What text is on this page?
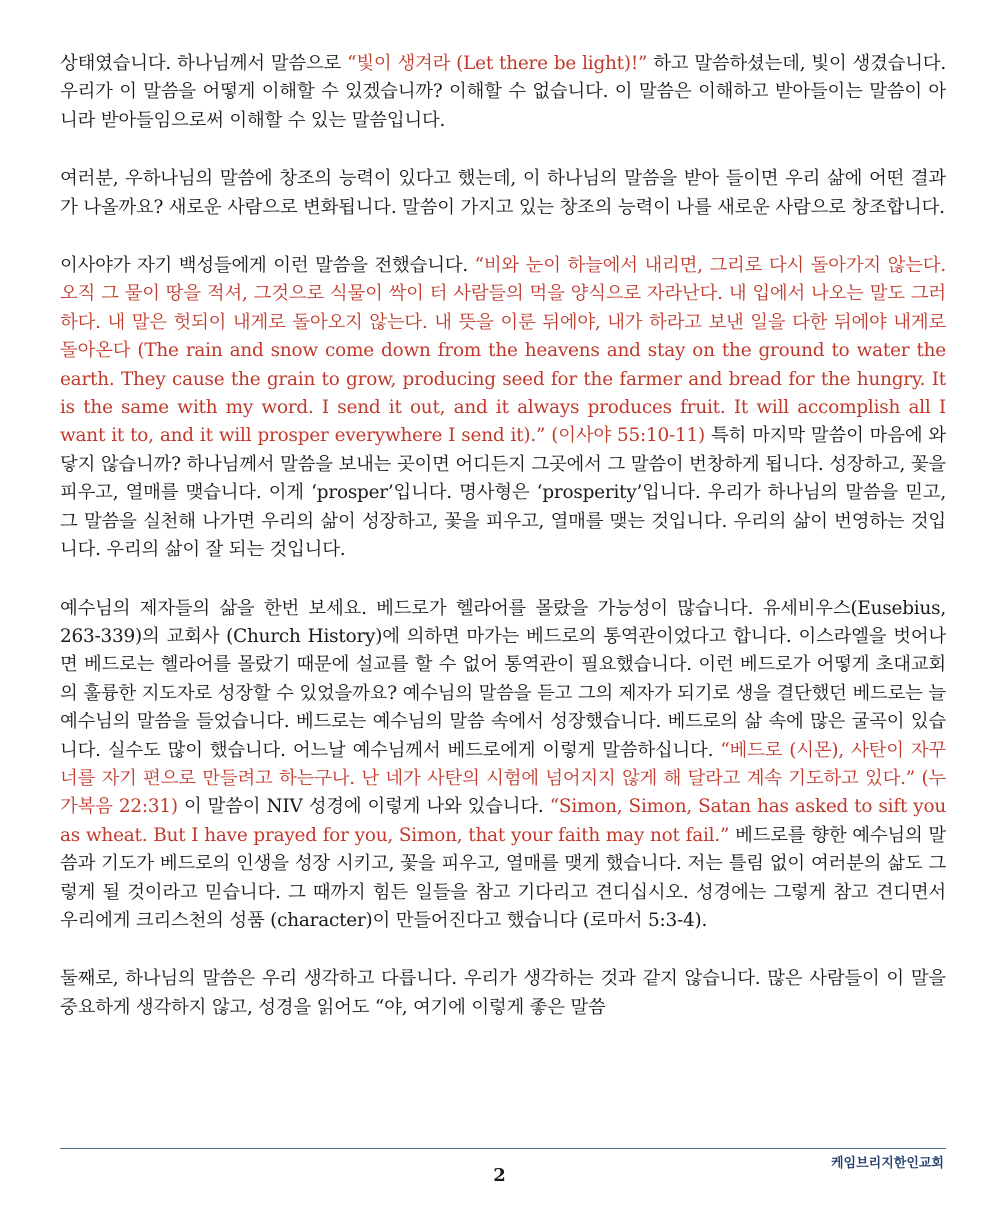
상태였습니다. 하나님께서 말씀으로 “빛이 생겨라 (Let there be light)!” 하고 말씀하셨는데, 빛이 생겼습니다. 우리가 이 말씀을 어떻게 이해할 수 있겠습니까? 이해할 수 없습니다. 이 말씀은 이해하고 받아들이는 말씀이 아니라 받아들임으로써 이해할 수 있는 말씀입니다.

여러분, 우하나님의 말씀에 창조의 능력이 있다고 했는데, 이 하나님의 말씀을 받아 들이면 우리 삶에 어떤 결과가 나올까요? 새로운 사람으로 변화됩니다. 말씀이 가지고 있는 창조의 능력이 나를 새로운 사람으로 창조합니다.

이사야가 자기 백성들에게 이런 말씀을 전했습니다. “비와 눈이 하늘에서 내리면, 그리로 다시 돌아가지 않는다. 오직 그 물이 땅을 적셔, 그것으로 식물이 싹이 터 사람들의 먹을 양식으로 자라난다. 내 입에서 나오는 말도 그러하다. 내 말은 헛되이 내게로 돌아오지 않는다. 내 뜻을 이룬 뒤에야, 내가 하라고 보낸 일을 다한 뒤에야 내게로 돌아온다 (The rain and snow come down from the heavens and stay on the ground to water the earth. They cause the grain to grow, producing seed for the farmer and bread for the hungry. It is the same with my word. I send it out, and it always produces fruit. It will accomplish all I want it to, and it will prosper everywhere I send it).” (이사야 55:10-11) 특히 마지막 말씀이 마음에 와 닿지 않습니까? 하나님께서 말씀을 보내는 곳이면 어디든지 그곳에서 그 말씀이 번창하게 됩니다. 성장하고, 꽃을 피우고, 열매를 맺습니다. 이게 ‘prosper’입니다. 명사형은 ‘prosperity’입니다. 우리가 하나님의 말씀을 믿고, 그 말씀을 실천해 나가면 우리의 삶이 성장하고, 꽃을 피우고, 열매를 맺는 것입니다. 우리의 삶이 번영하는 것입니다. 우리의 삶이 잘 되는 것입니다.

예수님의 제자들의 삶을 한번 보세요. 베드로가 헬라어를 몰랐을 가능성이 많습니다. 유세비우스(Eusebius, 263-339)의 교회사 (Church History)에 의하면 마가는 베드로의 통역관이었다고 합니다. 이스라엘을 벗어나면 베드로는 헬라어를 몰랐기 때문에 설교를 할 수 없어 통역관이 필요했습니다. 이런 베드로가 어떻게 초대교회의 훌륭한 지도자로 성장할 수 있었을까요? 예수님의 말씀을 듣고 그의 제자가 되기로 생을 결단했던 베드로는 늘 예수님의 말씀을 들었습니다. 베드로는 예수님의 말씀 속에서 성장했습니다. 베드로의 삶 속에 많은 굴곡이 있습니다. 실수도 많이 했습니다. 어느날 예수님께서 베드로에게 이렇게 말씀하십니다. “베드로 (시몬), 사탄이 자꾸 너를 자기 편으로 만들려고 하는구나. 난 네가 사탄의 시험에 넘어지지 않게 해 달라고 계속 기도하고 있다.” (누가복음 22:31) 이 말씀이 NIV 성경에 이렇게 나와 있습니다. “Simon, Simon, Satan has asked to sift you as wheat. But I have prayed for you, Simon, that your faith may not fail.” 베드로를 향한 예수님의 말씀과 기도가 베드로의 인생을 성장 시키고, 꽃을 피우고, 열매를 맺게 했습니다. 저는 틀림 없이 여러분의 삶도 그렇게 될 것이라고 믿습니다. 그 때까지 힘든 일들을 참고 기다리고 견디십시오. 성경에는 그렇게 참고 견디면서 우리에게 크리스천의 성품 (character)이 만들어진다고 했습니다 (로마서 5:3-4).

둘째로, 하나님의 말씀은 우리 생각하고 다릅니다. 우리가 생각하는 것과 같지 않습니다. 많은 사람들이 이 말을 중요하게 생각하지 않고, 성경을 읽어도 “야, 여기에 이렇게 좋은 말씀

케임브리지한인교회
2
